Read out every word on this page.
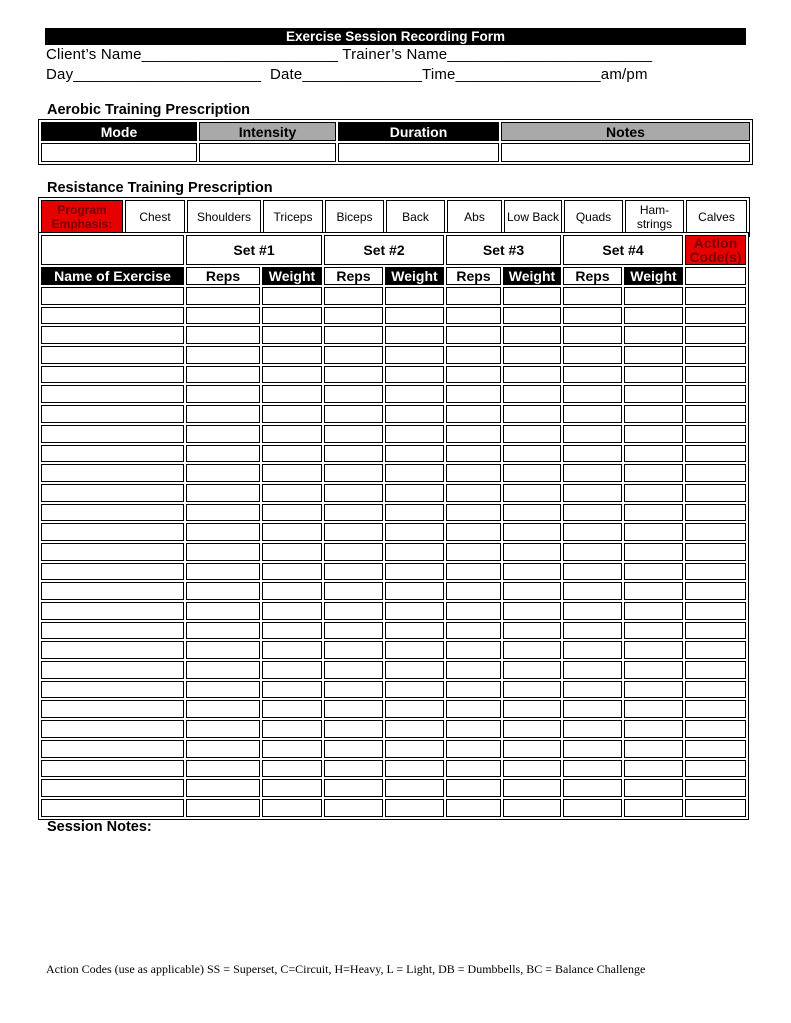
Exercise Session Recording Form
Client’s Name_______________________ Trainer’s Name________________________
Day______________________  Date______________Time_________________am/pm
Aerobic Training Prescription
Mode	Intensity	Duration	Notes

Resistance Training Prescription
Program Emphasis:	Chest	Shoulders	Triceps	Biceps	Back	Abs	Low Back	Quads	Ham-strings	Calves
	Set #1		Set #2		Set #3		Set #4		Action Code(s)
Name of Exercise	Reps	Weight	Reps	Weight	Reps	Weight	Reps	Weight	

Session Notes:
Action Codes (use as applicable) SS = Superset, C=Circuit, H=Heavy, L = Light, DB = Dumbbells, BC = Balance Challenge
